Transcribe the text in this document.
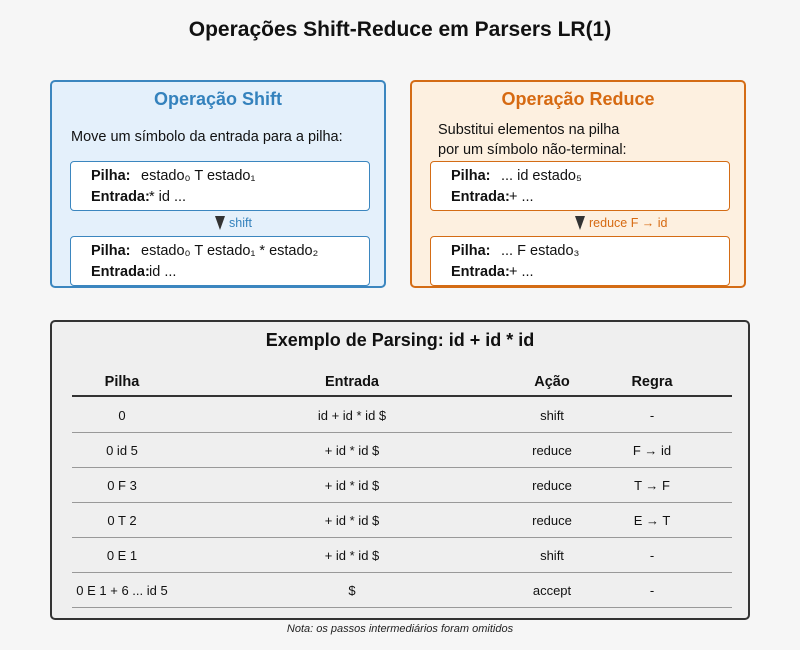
Operações Shift-Reduce em Parsers LR(1)
Operação Shift
Move um símbolo da entrada para a pilha:
Pilha: estado₀ T estado₁
Entrada: * id ...
shift
Pilha: estado₀ T estado₁ * estado₂
Entrada: id ...
Operação Reduce
Substitui elementos na pilha
por um símbolo não-terminal:
Pilha: ... id estado₅
Entrada: + ...
reduce F → id
Pilha: ... F estado₃
Entrada: + ...
Exemplo de Parsing: id + id * id
Pilha	Entrada	Ação	Regra
0	id + id * id $	shift	-
0 id 5	+ id * id $	reduce	F → id
0 F 3	+ id * id $	reduce	T → F
0 T 2	+ id * id $	reduce	E → T
0 E 1	+ id * id $	shift	-
0 E 1 + 6 ... id 5	$	accept	-
Nota: os passos intermediários foram omitidos
